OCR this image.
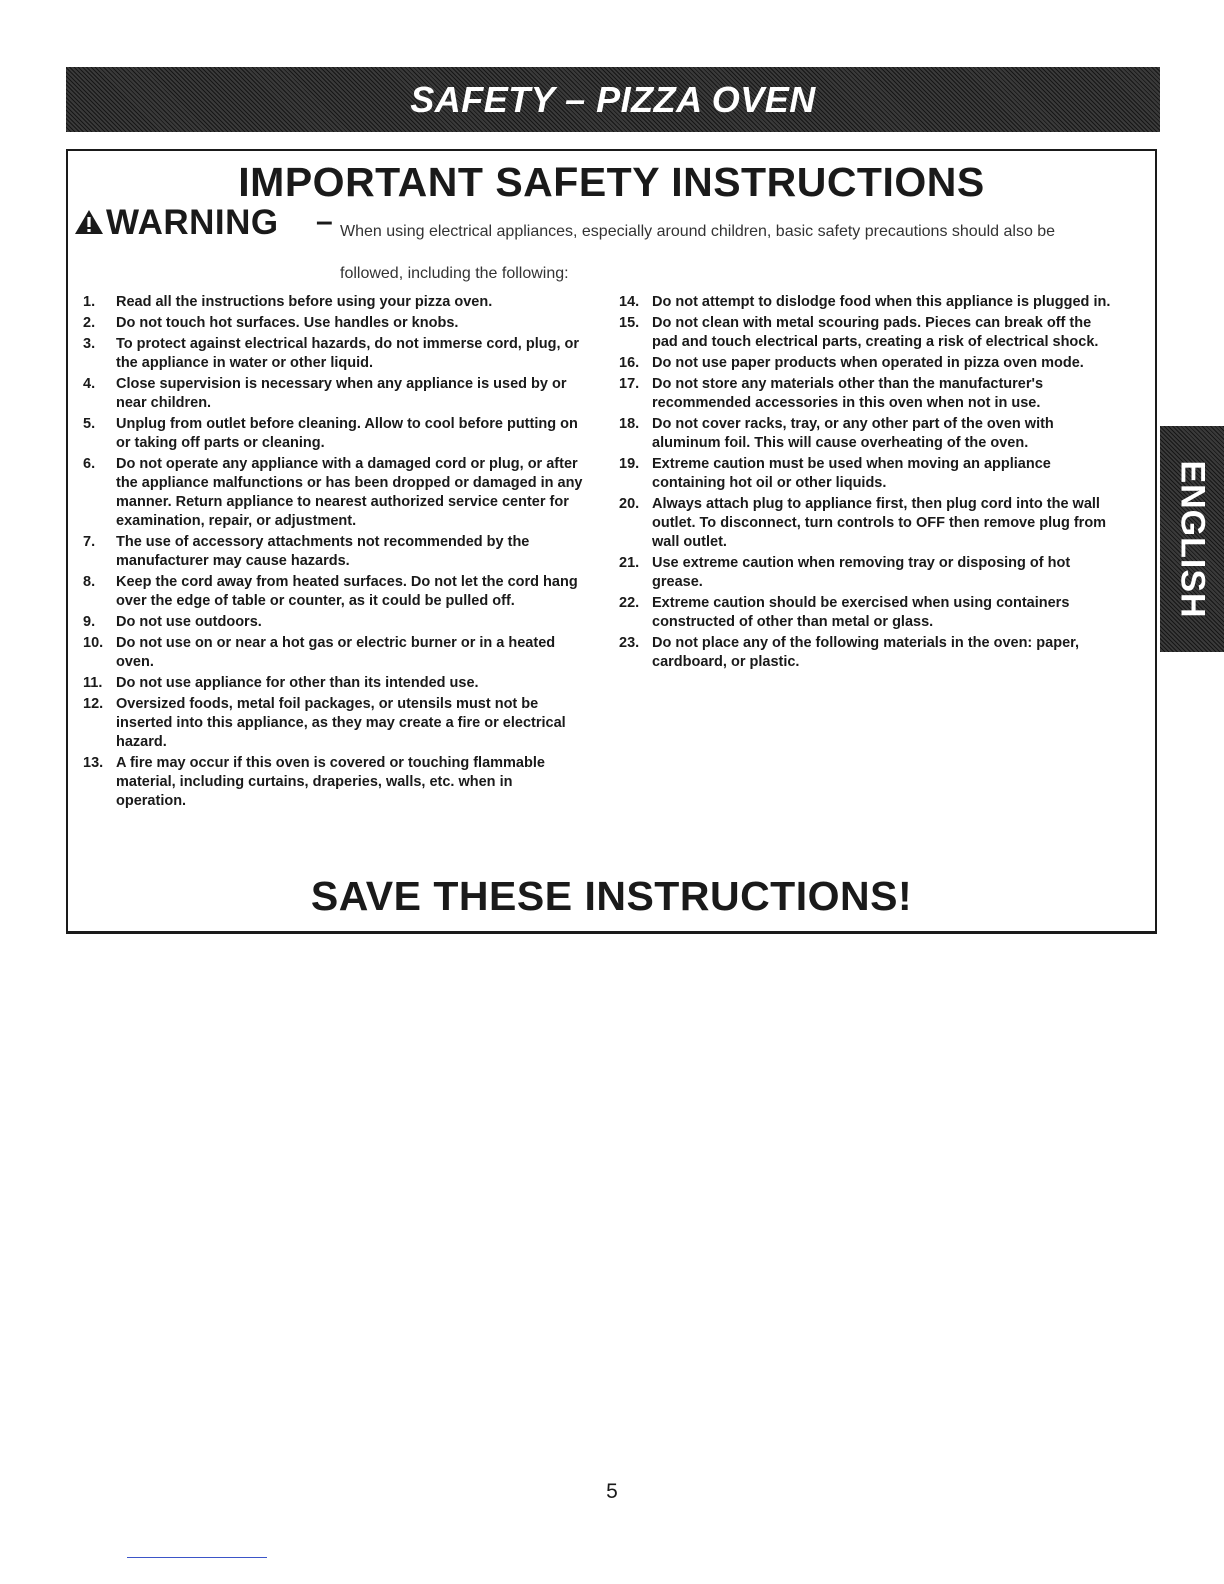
SAFETY – PIZZA OVEN
IMPORTANT SAFETY INSTRUCTIONS
WARNING – When using electrical appliances, especially around children, basic safety precautions should also be
followed, including the following:
1. Read all the instructions before using your pizza oven.
2. Do not touch hot surfaces. Use handles or knobs.
3. To protect against electrical hazards, do not immerse cord, plug, or the appliance in water or other liquid.
4. Close supervision is necessary when any appliance is used by or near children.
5. Unplug from outlet before cleaning. Allow to cool before putting on or taking off parts or cleaning.
6. Do not operate any appliance with a damaged cord or plug, or after the appliance malfunctions or has been dropped or damaged in any manner. Return appliance to nearest authorized service center for examination, repair, or adjustment.
7. The use of accessory attachments not recommended by the manufacturer may cause hazards.
8. Keep the cord away from heated surfaces. Do not let the cord hang over the edge of table or counter, as it could be pulled off.
9. Do not use outdoors.
10. Do not use on or near a hot gas or electric burner or in a heated oven.
11. Do not use appliance for other than its intended use.
12. Oversized foods, metal foil packages, or utensils must not be inserted into this appliance, as they may create a fire or electrical hazard.
13. A fire may occur if this oven is covered or touching flammable material, including curtains, draperies, walls, etc. when in operation.
14. Do not attempt to dislodge food when this appliance is plugged in.
15. Do not clean with metal scouring pads. Pieces can break off the pad and touch electrical parts, creating a risk of electrical shock.
16. Do not use paper products when operated in pizza oven mode.
17. Do not store any materials other than the manufacturer's recommended accessories in this oven when not in use.
18. Do not cover racks, tray, or any other part of the oven with aluminum foil. This will cause overheating of the oven.
19. Extreme caution must be used when moving an appliance containing hot oil or other liquids.
20. Always attach plug to appliance first, then plug cord into the wall outlet. To disconnect, turn controls to OFF then remove plug from wall outlet.
21. Use extreme caution when removing tray or disposing of hot grease.
22. Extreme caution should be exercised when using containers constructed of other than metal or glass.
23. Do not place any of the following materials in the oven: paper, cardboard, or plastic.
SAVE THESE INSTRUCTIONS!
ENGLISH
5
